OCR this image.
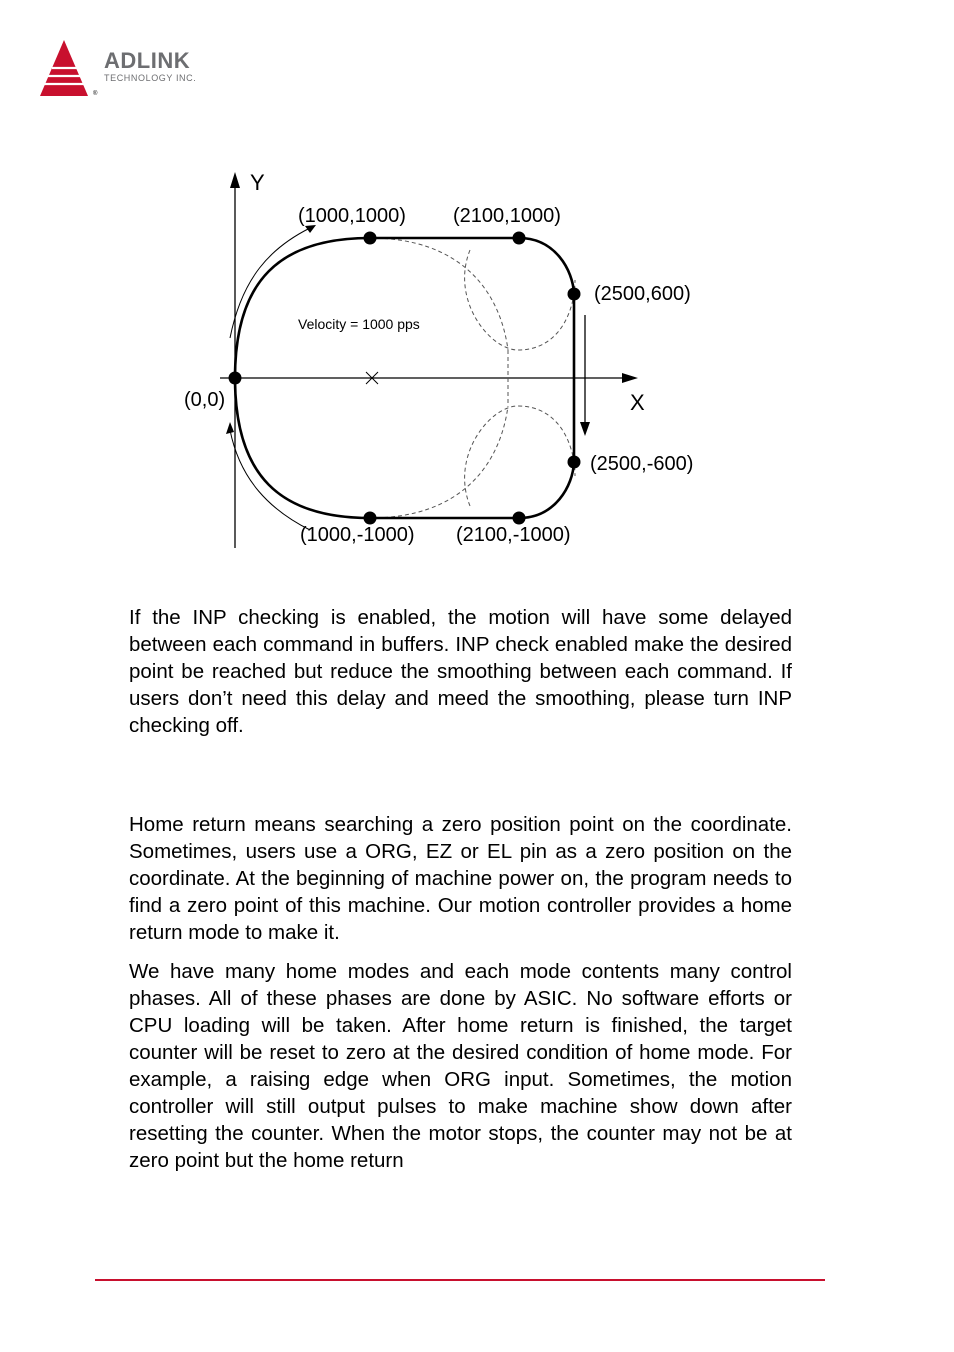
®
ADLINK
TECHNOLOGY INC.
Y
X
(0,0)
(1000,1000) (2100,1000)
(2500,600)
(2500,-600)
(2100,-1000)
(1000,-1000)
Velocity = 1000 pps

If the INP checking is enabled, the motion will have some delayed between each command in buffers. INP check enabled make the desired point be reached but reduce the smoothing between each command. If users don’t need this delay and meed the smoothing, please turn INP checking off.

Home return means searching a zero position point on the coordinate. Sometimes, users use a ORG, EZ or EL pin as a zero position on the coordinate. At the beginning of machine power on, the program needs to find a zero point of this machine. Our motion controller provides a home return mode to make it.

We have many home modes and each mode contents many control phases. All of these phases are done by ASIC. No software efforts or CPU loading will be taken. After home return is finished, the target counter will be reset to zero at the desired condition of home mode. For example, a raising edge when ORG input. Sometimes, the motion controller will still output pulses to make machine show down after resetting the counter. When the motor stops, the counter may not be at zero point but the home return
